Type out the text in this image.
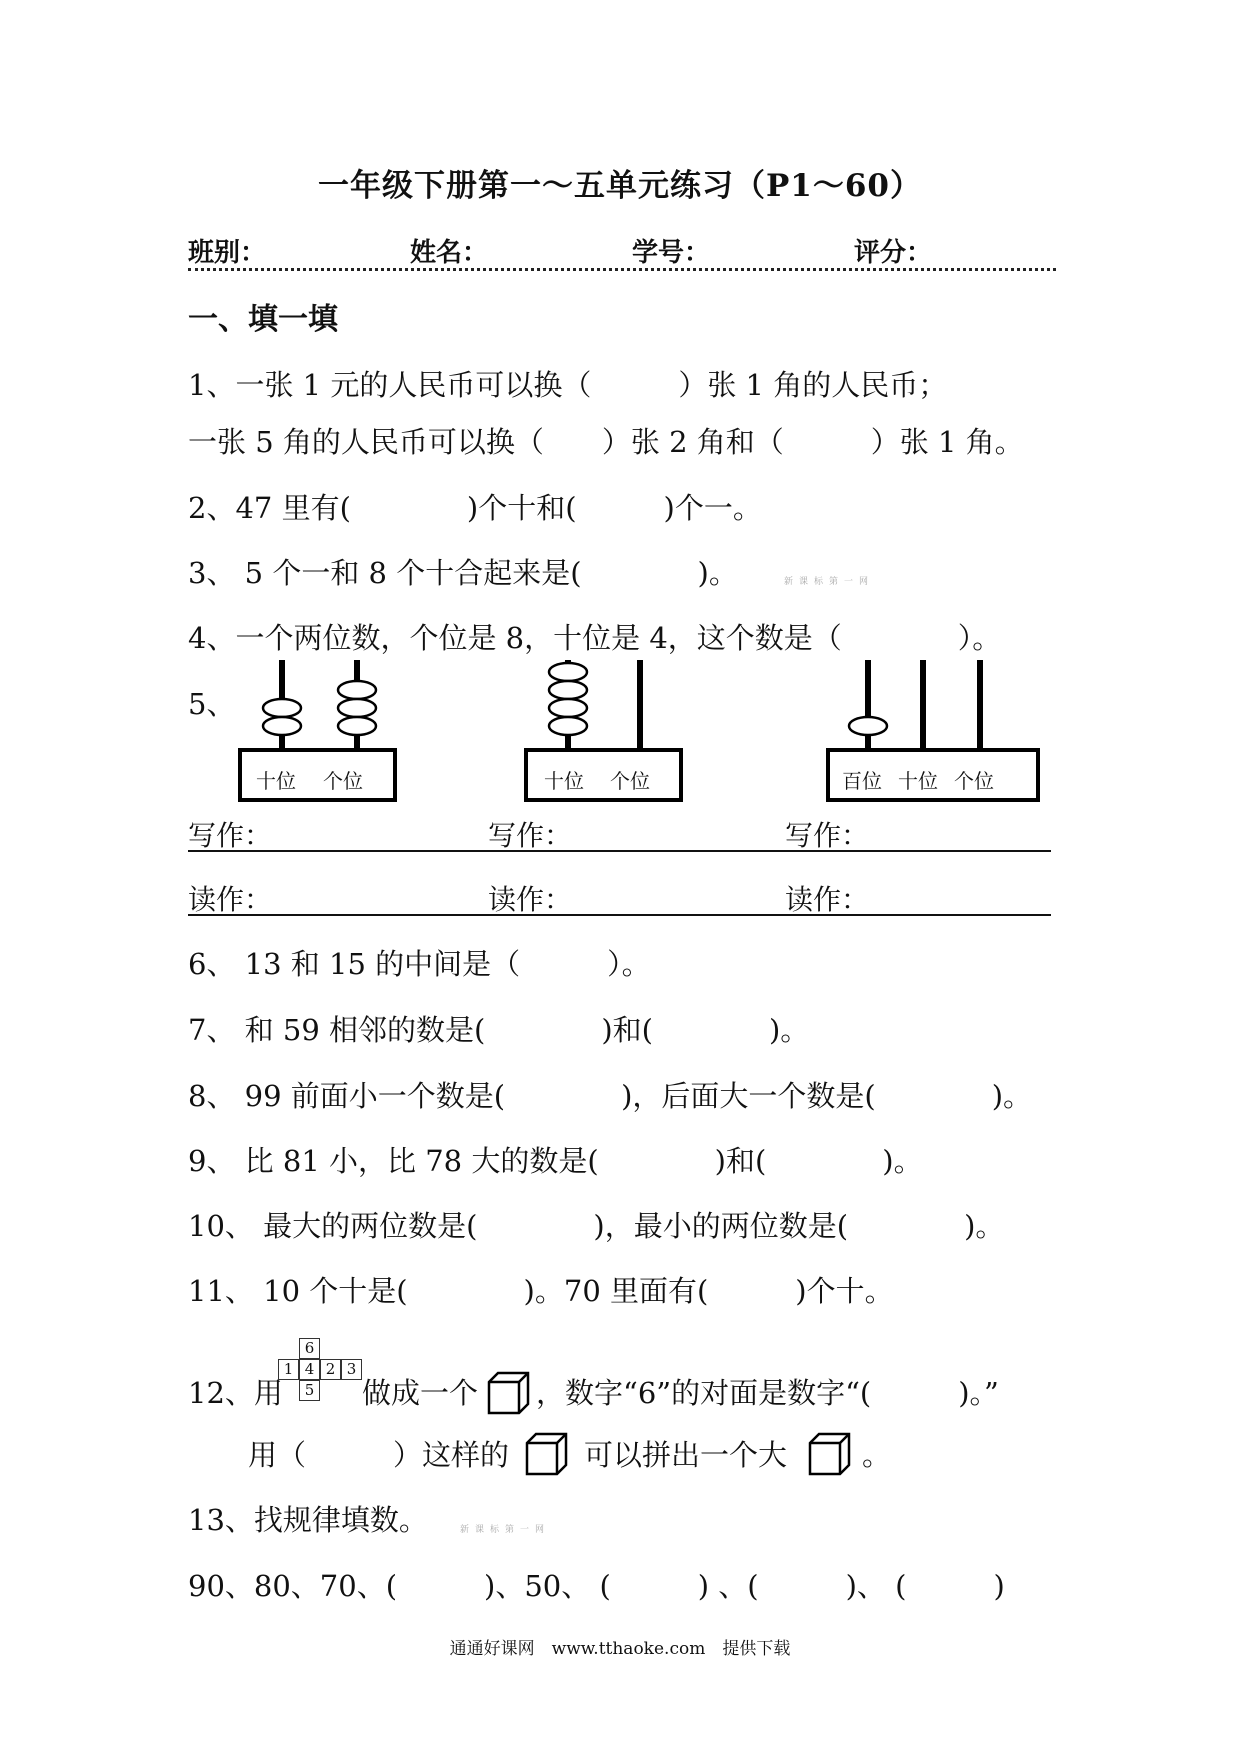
一年级下册第一～五单元练习（P1～60）
班别：	姓名：	学号：	评分：
一、填一填
1、一张 1 元的人民币可以换（　　　）张 1 角的人民币；
一张 5 角的人民币可以换（　　）张 2 角和（　　　）张 1 角。
2、47 里有(　　　　)个十和(　　　)个一。
3、 5 个一和 8 个十合起来是(　　　　)。	新课标第一网
4、一个两位数，个位是 8，十位是 4，这个数是（　　　　）。
5、
十位 个位	十位 个位	百位 十位 个位
写作：	写作：	写作：
读作：	读作：	读作：
6、 13 和 15 的中间是（　　　）。
7、 和 59 相邻的数是(　　　　)和(　　　　)。
8、 99 前面小一个数是(　　　　)，后面大一个数是(　　　　)。
9、 比 81 小，比 78 大的数是(　　　　)和(　　　　)。
10、 最大的两位数是(　　　　)，最小的两位数是(　　　　)。
11、 10 个十是(　　　　)。70 里面有(　　　)个十。
12、用
6
1 4 2 3
5 做成一个 ，数字“6”的对面是数字“(　　　)。”
用（　　　）这样的	可以拼出一个大	。
13、找规律填数。	新课标第一网
90、80、70、(　　　)、50、 (　　　) 、(　　　)、 (　　　)
通通好课网　www.tthaoke.com　提供下载
